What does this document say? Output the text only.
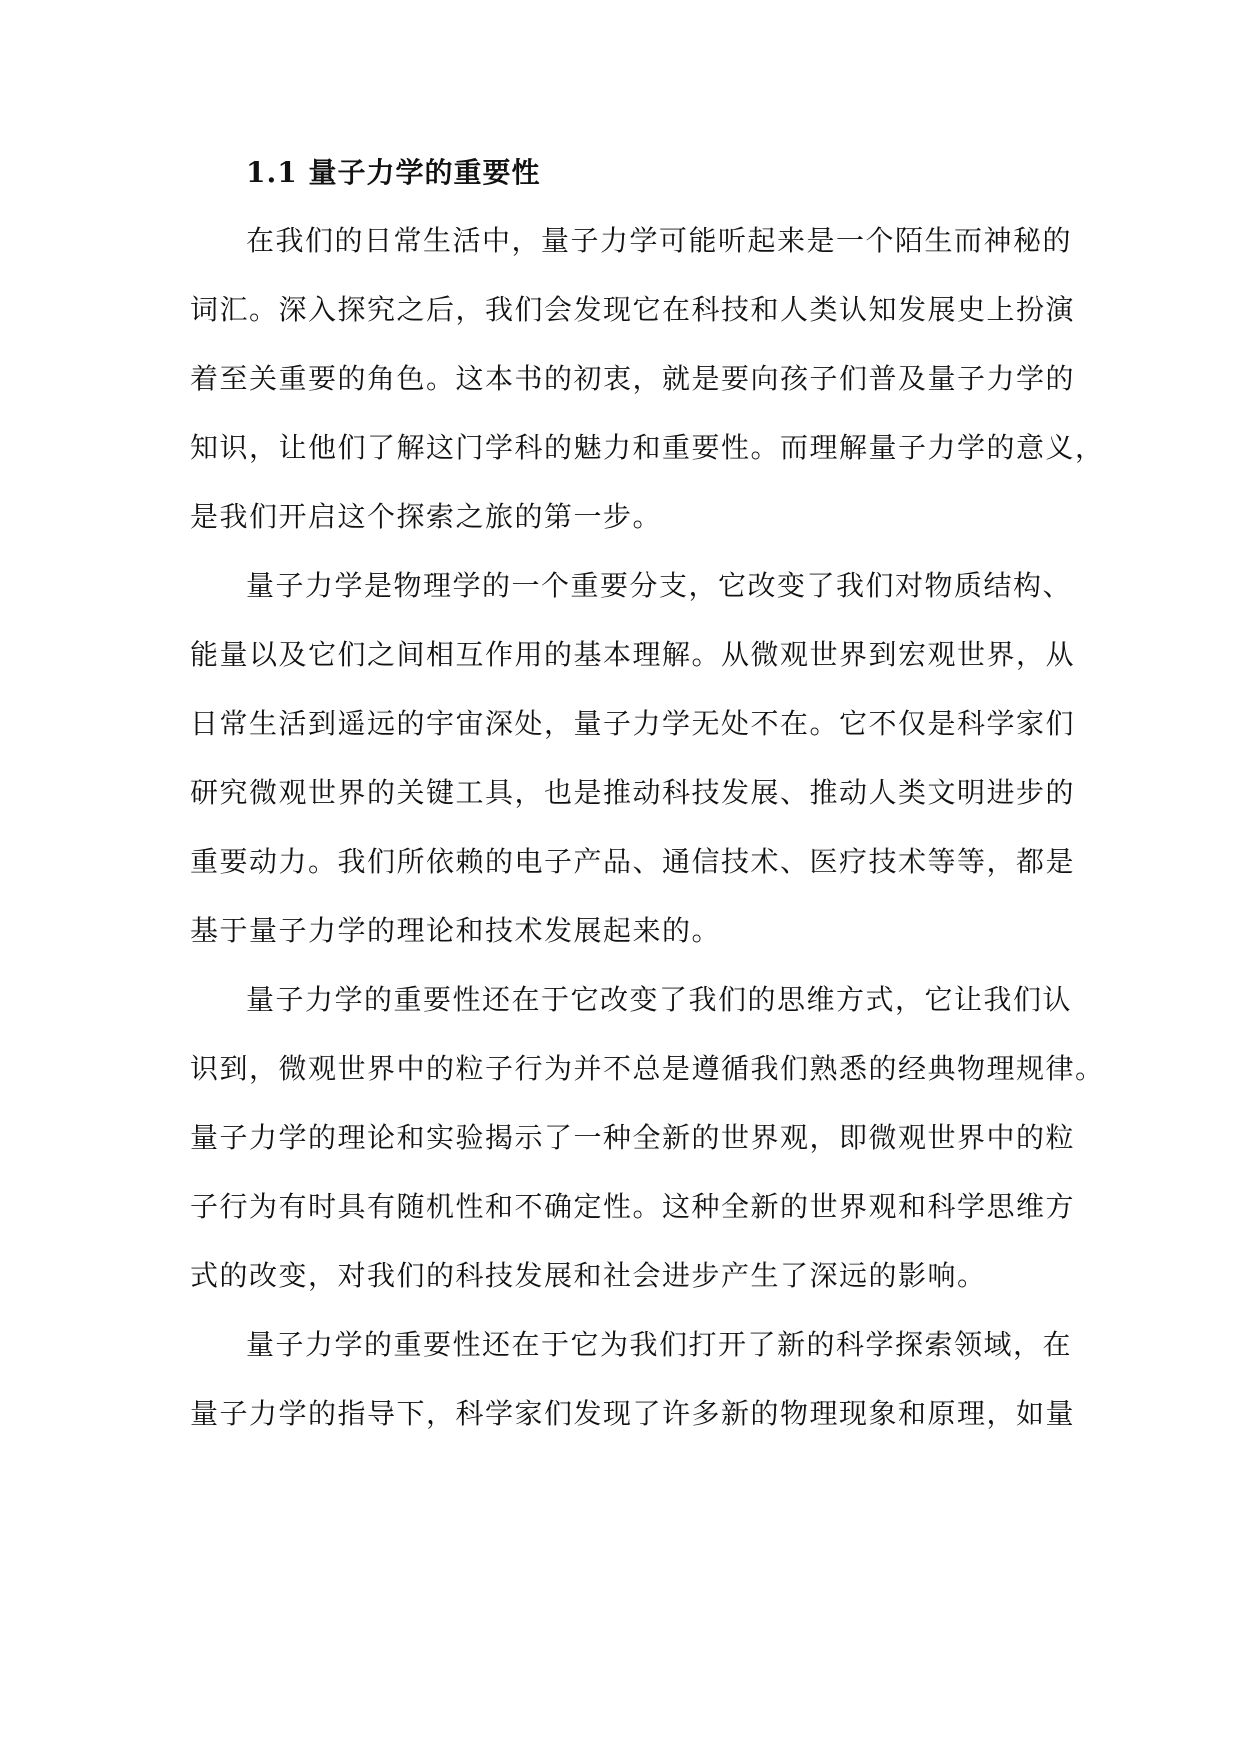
1.1 量子力学的重要性
在我们的日常生活中，量子力学可能听起来是一个陌生而神秘的
词汇。深入探究之后，我们会发现它在科技和人类认知发展史上扮演
着至关重要的角色。这本书的初衷，就是要向孩子们普及量子力学的
知识，让他们了解这门学科的魅力和重要性。而理解量子力学的意义，
是我们开启这个探索之旅的第一步。
量子力学是物理学的一个重要分支，它改变了我们对物质结构、
能量以及它们之间相互作用的基本理解。从微观世界到宏观世界，从
日常生活到遥远的宇宙深处，量子力学无处不在。它不仅是科学家们
研究微观世界的关键工具，也是推动科技发展、推动人类文明进步的
重要动力。我们所依赖的电子产品、通信技术、医疗技术等等，都是
基于量子力学的理论和技术发展起来的。
量子力学的重要性还在于它改变了我们的思维方式，它让我们认
识到，微观世界中的粒子行为并不总是遵循我们熟悉的经典物理规律。
量子力学的理论和实验揭示了一种全新的世界观，即微观世界中的粒
子行为有时具有随机性和不确定性。这种全新的世界观和科学思维方
式的改变，对我们的科技发展和社会进步产生了深远的影响。
量子力学的重要性还在于它为我们打开了新的科学探索领域，在
量子力学的指导下，科学家们发现了许多新的物理现象和原理，如量
